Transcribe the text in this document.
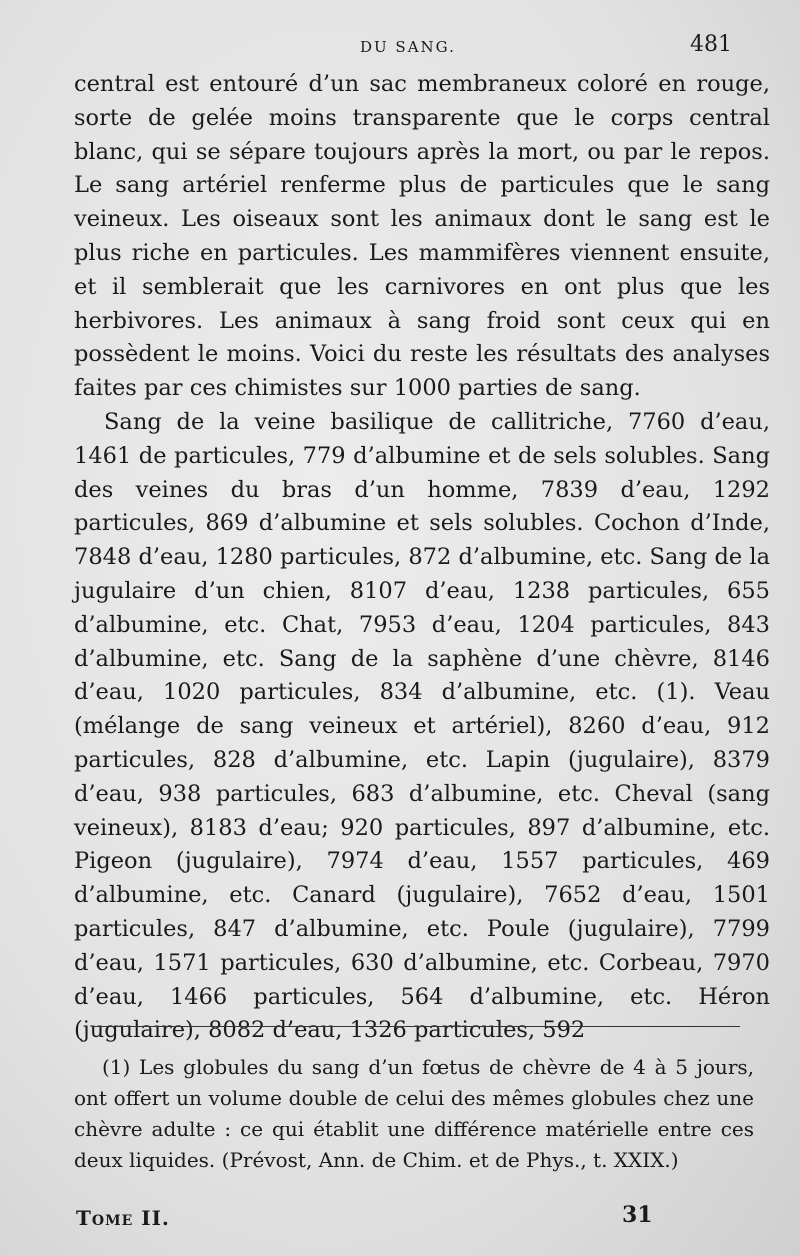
DU SANG.	481

central est entouré d’un sac membraneux coloré en rouge, sorte de gelée moins transparente que le corps central blanc, qui se sépare toujours après la mort, ou par le repos. Le sang artériel renferme plus de particules que le sang veineux. Les oiseaux sont les animaux dont le sang est le plus riche en particules. Les mammifères viennent ensuite, et il semblerait que les carnivores en ont plus que les herbivores. Les animaux à sang froid sont ceux qui en possèdent le moins. Voici du reste les résultats des analyses faites par ces chimistes sur 1000 parties de sang.

Sang de la veine basilique de callitriche, 7760 d’eau, 1461 de particules, 779 d’albumine et de sels solubles. Sang des veines du bras d’un homme, 7839 d’eau, 1292 particules, 869 d’albumine et sels solubles. Cochon d’Inde, 7848 d’eau, 1280 particules, 872 d’albumine, etc. Sang de la jugulaire d’un chien, 8107 d’eau, 1238 particules, 655 d’albumine, etc. Chat, 7953 d’eau, 1204 particules, 843 d’albumine, etc. Sang de la saphène d’une chèvre, 8146 d’eau, 1020 particules, 834 d’albumine, etc. (1). Veau (mélange de sang veineux et artériel), 8260 d’eau, 912 particules, 828 d’albumine, etc. Lapin (jugulaire), 8379 d’eau, 938 particules, 683 d’albumine, etc. Cheval (sang veineux), 8183 d’eau; 920 particules, 897 d’albumine, etc. Pigeon (jugulaire), 7974 d’eau, 1557 particules, 469 d’albumine, etc. Canard (jugulaire), 7652 d’eau, 1501 particules, 847 d’albumine, etc. Poule (jugulaire), 7799 d’eau, 1571 particules, 630 d’albumine, etc. Corbeau, 7970 d’eau, 1466 particules, 564 d’albumine, etc. Héron (jugulaire), 8082 d’eau, 1326 particules, 592

(1) Les globules du sang d’un fœtus de chèvre de 4 à 5 jours, ont offert un volume double de celui des mêmes globules chez une chèvre adulte : ce qui établit une différence matérielle entre ces deux liquides. (Prévost, Ann. de Chim. et de Phys., t. XXIX.)

Tome II.	31
